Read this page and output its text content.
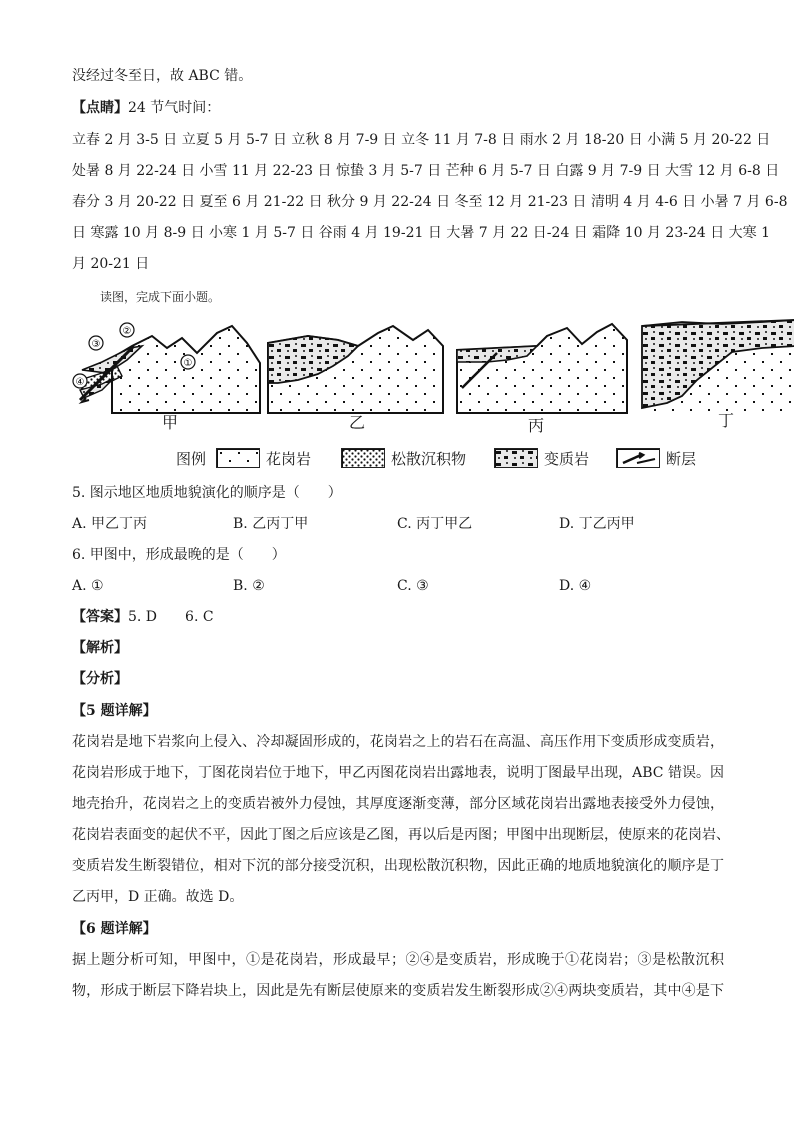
没经过冬至日，故 ABC 错。
【点睛】24 节气时间：
立春 2 月 3-5 日 立夏 5 月 5-7 日 立秋 8 月 7-9 日 立冬 11 月 7-8 日 雨水 2 月 18-20 日 小满 5 月 20-22 日
处暑 8 月 22-24 日 小雪 11 月 22-23 日 惊蛰 3 月 5-7 日 芒种 6 月 5-7 日 白露 9 月 7-9 日 大雪 12 月 6-8 日
春分 3 月 20-22 日 夏至 6 月 21-22 日 秋分 9 月 22-24 日 冬至 12 月 21-23 日 清明 4 月 4-6 日 小暑 7 月 6-8
日 寒露 10 月 8-9 日 小寒 1 月 5-7 日 谷雨 4 月 19-21 日 大暑 7 月 22 日-24 日 霜降 10 月 23-24 日 大寒 1
月 20-21 日
读图，完成下面小题。
①
②
③
④
甲	乙	丙	丁
图例	花岗岩	松散沉积物	变质岩	断层
5. 图示地区地质地貌演化的顺序是（　　）
A. 甲乙丁丙	B. 乙丙丁甲	C. 丙丁甲乙	D. 丁乙丙甲
6. 甲图中，形成最晚的是（　　）
A. ①	B. ②	C. ③	D. ④
【答案】5. D　　6. C
【解析】
【分析】
【5 题详解】
花岗岩是地下岩浆向上侵入、冷却凝固形成的，花岗岩之上的岩石在高温、高压作用下变质形成变质岩，
花岗岩形成于地下，丁图花岗岩位于地下，甲乙丙图花岗岩出露地表，说明丁图最早出现，ABC 错误。因
地壳抬升，花岗岩之上的变质岩被外力侵蚀，其厚度逐渐变薄，部分区域花岗岩出露地表接受外力侵蚀，
花岗岩表面变的起伏不平，因此丁图之后应该是乙图，再以后是丙图；甲图中出现断层，使原来的花岗岩、
变质岩发生断裂错位，相对下沉的部分接受沉积，出现松散沉积物，因此正确的地质地貌演化的顺序是丁
乙丙甲，D 正确。故选 D。
【6 题详解】
据上题分析可知，甲图中，①是花岗岩，形成最早；②④是变质岩，形成晚于①花岗岩；③是松散沉积
物，形成于断层下降岩块上，因此是先有断层使原来的变质岩发生断裂形成②④两块变质岩，其中④是下
